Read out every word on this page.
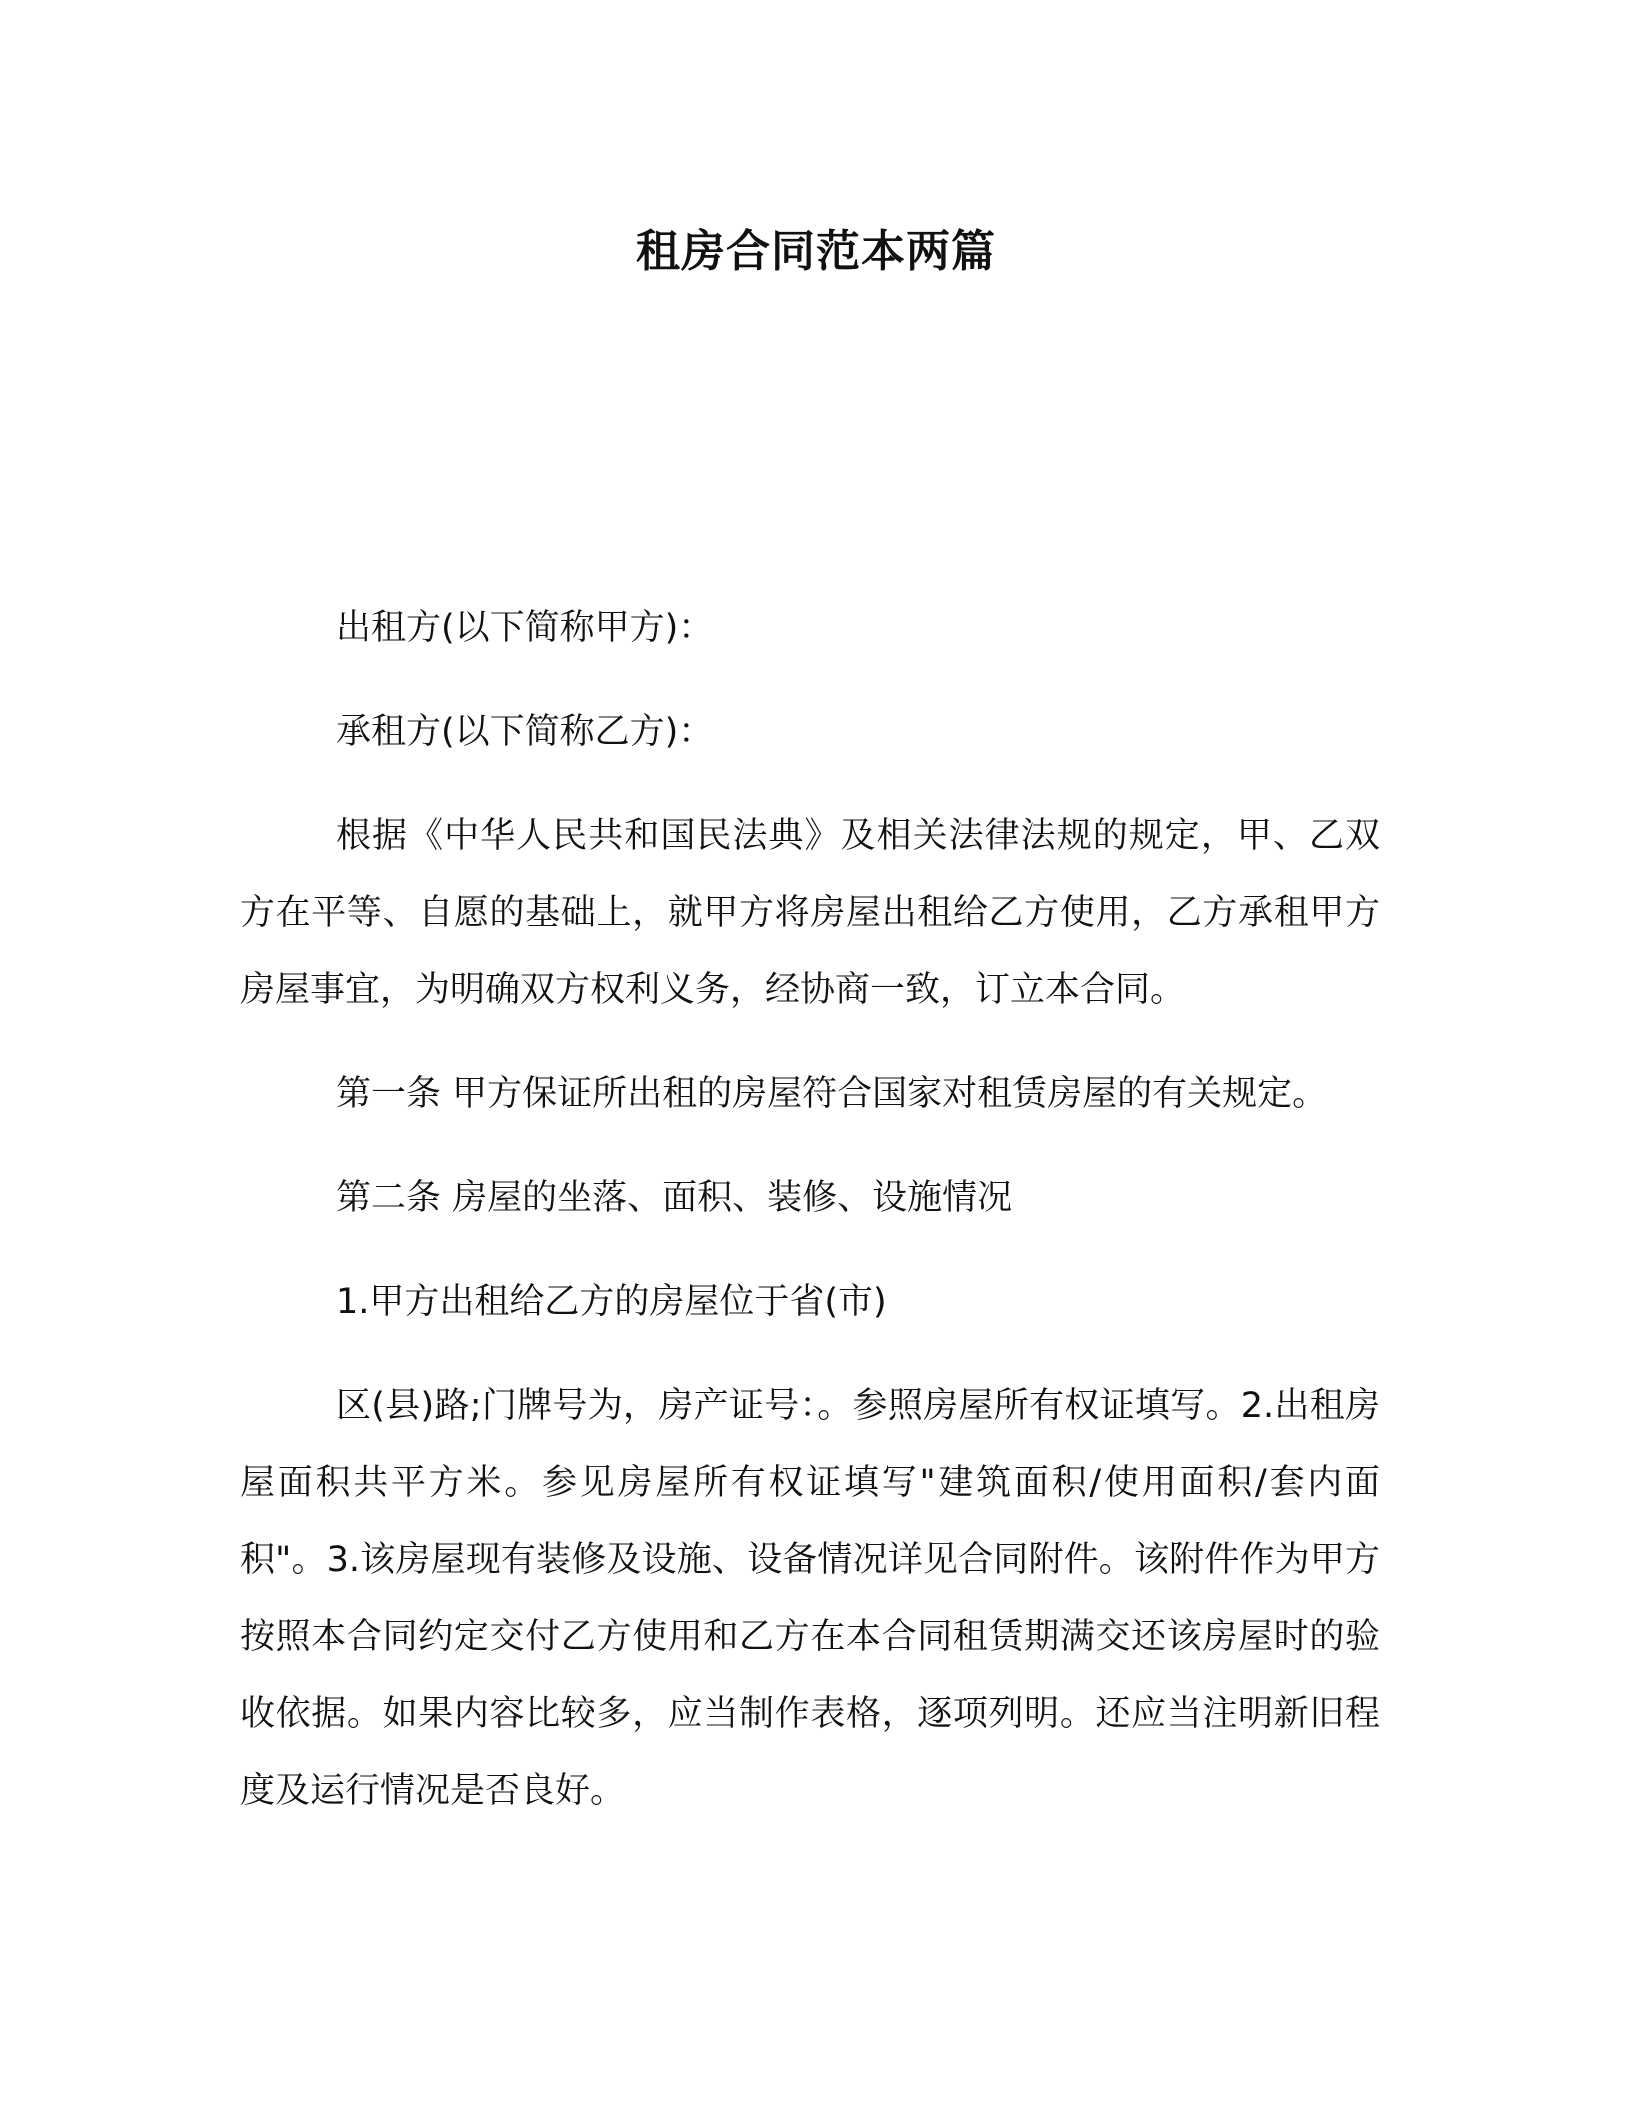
租房合同范本两篇

出租方(以下简称甲方)：

承租方(以下简称乙方)：

根据《中华人民共和国民法典》及相关法律法规的规定，甲、乙双方在平等、自愿的基础上，就甲方将房屋出租给乙方使用，乙方承租甲方房屋事宜，为明确双方权利义务，经协商一致，订立本合同。

第一条 甲方保证所出租的房屋符合国家对租赁房屋的有关规定。

第二条 房屋的坐落、面积、装修、设施情况

1.甲方出租给乙方的房屋位于省(市)

区(县)路;门牌号为，房产证号：。参照房屋所有权证填写。2.出租房屋面积共平方米。参见房屋所有权证填写"建筑面积/使用面积/套内面积"。3.该房屋现有装修及设施、设备情况详见合同附件。该附件作为甲方按照本合同约定交付乙方使用和乙方在本合同租赁期满交还该房屋时的验收依据。如果内容比较多，应当制作表格，逐项列明。还应当注明新旧程度及运行情况是否良好。
